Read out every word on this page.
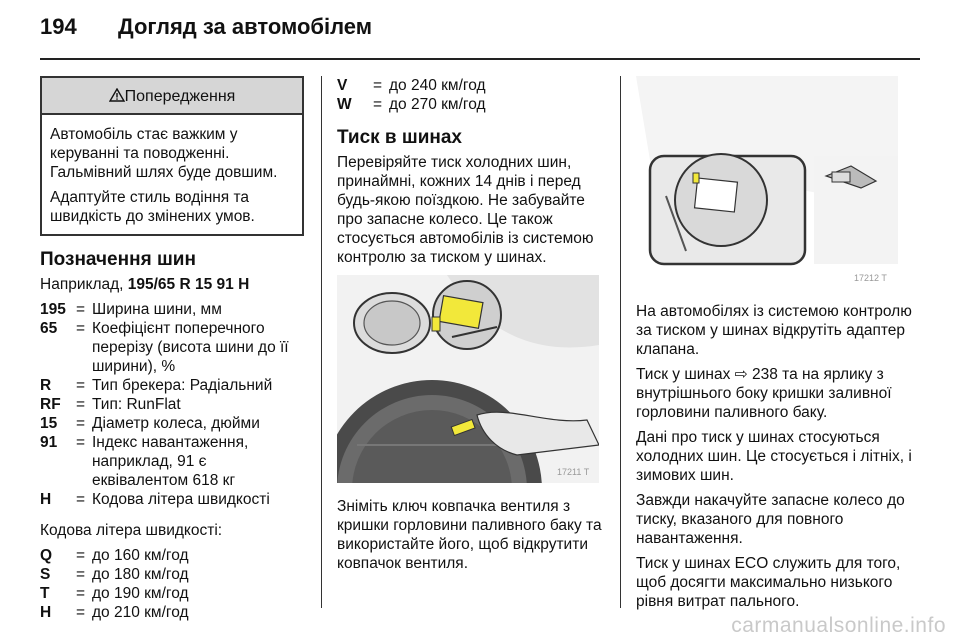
194 Догляд за автомобілем
Попередження

Автомобіль стає важким у керуванні та поводженні. Гальмівний шлях буде довшим.

Адаптуйте стиль водіння та швидкість до змінених умов.

Позначення шин

Наприклад, 195/65 R 15 91 H

195	=	Ширина шини, мм
65	=	Коефіцієнт поперечного перерізу (висота шини до її ширини), %
R	=	Тип брекера: Радіальний
RF	=	Тип: RunFlat
15	=	Діаметр колеса, дюйми
91	=	Індекс навантаження, наприклад, 91 є еквівалентом 618 кг
H	=	Кодова літера швидкості

Кодова літера швидкості:

Q	=	до 160 км/год
S	=	до 180 км/год
T	=	до 190 км/год
H	=	до 210 км/год
V	=	до 240 км/год
W	=	до 270 км/год
Тиск в шинах

Перевіряйте тиск холодних шин, принаймні, кожних 14 днів і перед будь-якою поїздкою. Не забувайте про запасне колесо. Це також стосується автомобілів із системою контролю за тиском у шинах.

17211 T

Зніміть ключ ковпачка вентиля з кришки горловини паливного баку та використайте його, щоб відкрутити ковпачок вентиля.

17212 T

На автомобілях із системою контролю за тиском у шинах відкрутіть адаптер клапана.

Тиск у шинах ⇨ 238 та на ярлику з внутрішнього боку кришки заливної горловини паливного баку.

Дані про тиск у шинах стосуються холодних шин. Це стосується і літніх, і зимових шин.

Завжди накачуйте запасне колесо до тиску, вказаного для повного навантаження.

Тиск у шинах ECO служить для того, щоб досягти максимально низького рівня витрат пального.

carmanualsonline.info
